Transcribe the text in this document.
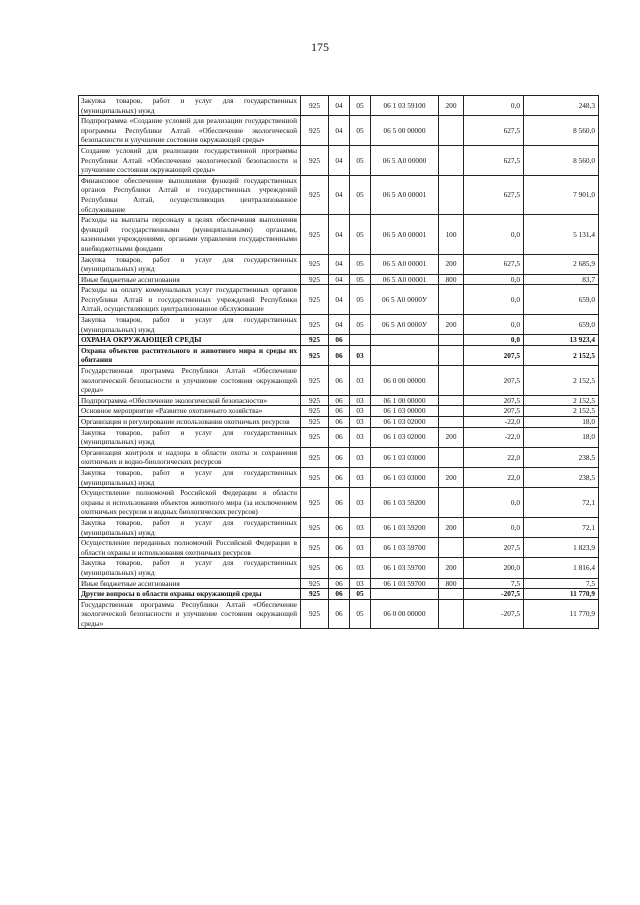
175
Закупка товаров, работ и услуг для государственных (муниципальных) нужд	925	04	05	06 1 03 59100	200	0,0	248,3
Подпрограмма «Создание условий для реализации государственной программы Республики Алтай «Обеспечение экологической безопасности и улучшение состояния окружающей среды»	925	04	05	06 5 00 00000		627,5	8 560,0
Создание условий для реализации государственной программы Республики Алтай «Обеспечение экологической безопасности и улучшение состояния окружающей среды»	925	04	05	06 5 А0 00000		627,5	8 560,0
Финансовое обеспечение выполнения функций государственных органов Республики Алтай и государственных учреждений Республики Алтай, осуществляющих централизованное обслуживание	925	04	05	06 5 А0 00001		627,5	7 901,0
Расходы на выплаты персоналу в целях обеспечения выполнения функций государственными (муниципальными) органами, казенными учреждениями, органами управления государственными внебюджетными фондами	925	04	05	06 5 А0 00001	100	0,0	5 131,4
Закупка товаров, работ и услуг для государственных (муниципальных) нужд	925	04	05	06 5 А0 00001	200	627,5	2 685,9
Иные бюджетные ассигнования	925	04	05	06 5 А0 00001	800	0,0	83,7
Расходы на оплату коммунальных услуг государственных органов Республики Алтай и государственных учреждений Республики Алтай, осуществляющих централизованное обслуживание	925	04	05	06 5 А0 0000У		0,0	659,0
Закупка товаров, работ и услуг для государственных (муниципальных) нужд	925	04	05	06 5 А0 0000У	200	0,0	659,0
ОХРАНА ОКРУЖАЮЩЕЙ СРЕДЫ	925	06				0,0	13 923,4
Охрана объектов растительного и животного мира и среды их обитания	925	06	03			207,5	2 152,5
Государственная программа Республики Алтай «Обеспечение экологической безопасности и улучшение состояния окружающей среды»	925	06	03	06 0 00 00000		207,5	2 152,5
Подпрограмма «Обеспечение экологической безопасности»	925	06	03	06 1 00 00000		207,5	2 152,5
Основное мероприятие «Развитие охотничьего хозяйства»	925	06	03	06 1 03 00000		207,5	2 152,5
Организация и регулирование использования охотничьих ресурсов	925	06	03	06 1 03 02000		-22,0	18,0
Закупка товаров, работ и услуг для государственных (муниципальных) нужд	925	06	03	06 1 03 02000	200	-22,0	18,0
Организация контроля и надзора в области охоты и сохранения охотничьих и водно-биологических ресурсов	925	06	03	06 1 03 03000		22,0	238,5
Закупка товаров, работ и услуг для государственных (муниципальных) нужд	925	06	03	06 1 03 03000	200	22,0	238,5
Осуществление полномочий Российской Федерации в области охраны и использования объектов животного мира (за исключением охотничьих ресурсов и водных биологических ресурсов)	925	06	03	06 1 03 59200		0,0	72,1
Закупка товаров, работ и услуг для государственных (муниципальных) нужд	925	06	03	06 1 03 59200	200	0,0	72,1
Осуществление переданных полномочий Российской Федерации в области охраны и использования охотничьих ресурсов	925	06	03	06 1 03 59700		207,5	1 823,9
Закупка товаров, работ и услуг для государственных (муниципальных) нужд	925	06	03	06 1 03 59700	200	200,0	1 816,4
Иные бюджетные ассигнования	925	06	03	06 1 03 59700	800	7,5	7,5
Другие вопросы в области охраны окружающей среды	925	06	05			-207,5	11 770,9
Государственная программа Республики Алтай «Обеспечение экологической безопасности и улучшение состояния окружающей среды»	925	06	05	06 0 00 00000		-207,5	11 770,9
